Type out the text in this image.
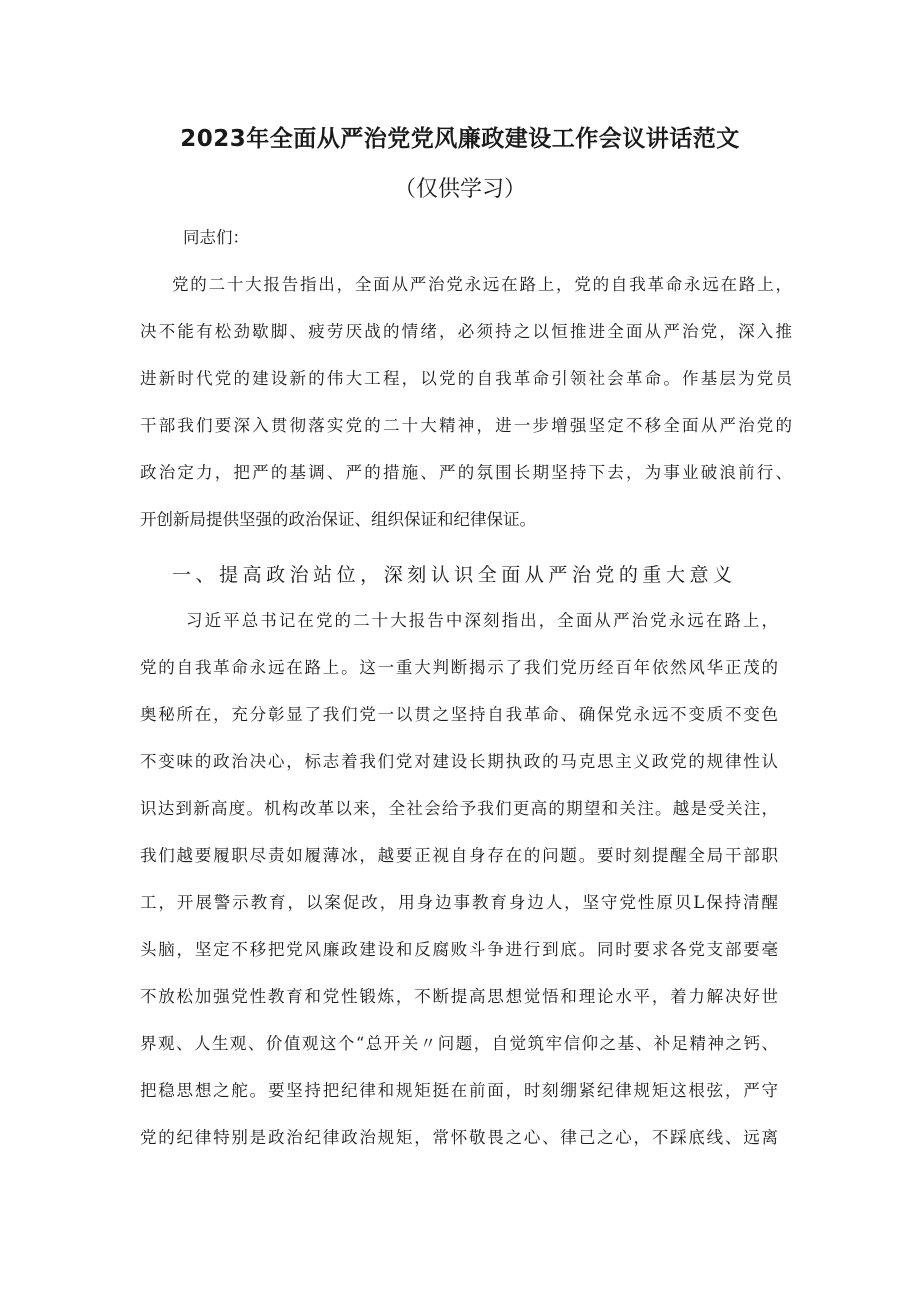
2023年全面从严治党党风廉政建设工作会议讲话范文
（仅供学习）
同志们：
党的二十大报告指出，全面从严治党永远在路上，党的自我革命永远在路上，
决不能有松劲歇脚、疲劳厌战的情绪，必须持之以恒推进全面从严治党，深入推
进新时代党的建设新的伟大工程，以党的自我革命引领社会革命。作基层为党员
干部我们要深入贯彻落实党的二十大精神，进一步增强坚定不移全面从严治党的
政治定力，把严的基调、严的措施、严的氛围长期坚持下去，为事业破浪前行、
开创新局提供坚强的政治保证、组织保证和纪律保证。
一、提高政治站位，深刻认识全面从严治党的重大意义
习近平总书记在党的二十大报告中深刻指出，全面从严治党永远在路上，
党的自我革命永远在路上。这一重大判断揭示了我们党历经百年依然风华正茂的
奥秘所在，充分彰显了我们党一以贯之坚持自我革命、确保党永远不变质不变色
不变味的政治决心，标志着我们党对建设长期执政的马克思主义政党的规律性认
识达到新高度。机构改革以来，全社会给予我们更高的期望和关注。越是受关注，
我们越要履职尽责如履薄冰，越要正视自身存在的问题。要时刻提醒全局干部职
工，开展警示教育，以案促改，用身边事教育身边人，坚守党性原贝L保持清醒
头脑，坚定不移把党风廉政建设和反腐败斗争进行到底。同时要求各党支部要毫
不放松加强党性教育和党性锻炼，不断提高思想觉悟和理论水平，着力解决好世
界观、人生观、价值观这个“总开关〃问题，自觉筑牢信仰之基、补足精神之钙、
把稳思想之舵。要坚持把纪律和规矩挺在前面，时刻绷紧纪律规矩这根弦，严守
党的纪律特别是政治纪律政治规矩，常怀敬畏之心、律己之心，不踩底线、远离
